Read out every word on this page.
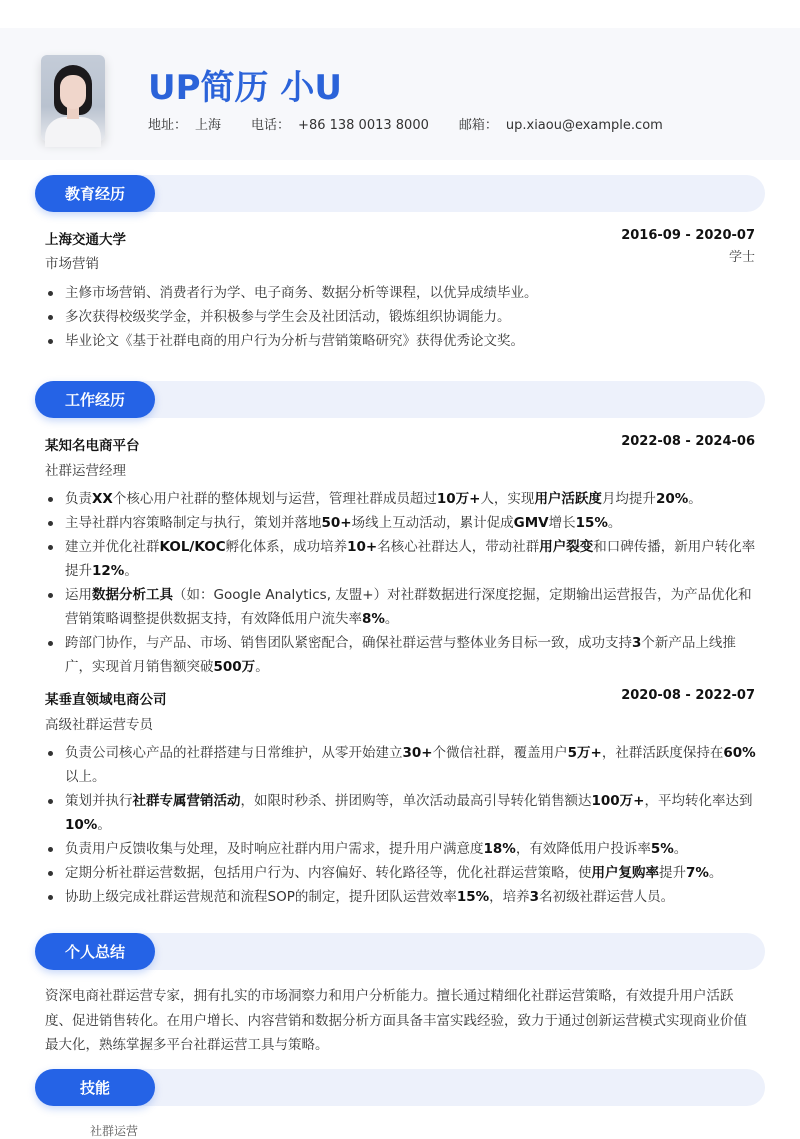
UP简历 小U
地址： 上海 电话： +86 138 0013 8000 邮箱： up.xiaou@example.com
教育经历
上海交通大学	2016-09 - 2020-07
市场营销	学士
主修市场营销、消费者行为学、电子商务、数据分析等课程，以优异成绩毕业。
多次获得校级奖学金，并积极参与学生会及社团活动，锻炼组织协调能力。
毕业论文《基于社群电商的用户行为分析与营销策略研究》获得优秀论文奖。
工作经历
某知名电商平台	2022-08 - 2024-06
社群运营经理
负责XX个核心用户社群的整体规划与运营，管理社群成员超过10万+人，实现用户活跃度月均提升20%。
主导社群内容策略制定与执行，策划并落地50+场线上互动活动，累计促成GMV增长15%。
建立并优化社群KOL/KOC孵化体系，成功培养10+名核心社群达人，带动社群用户裂变和口碑传播，新用户转化率提升12%。
运用数据分析工具（如：Google Analytics, 友盟+）对社群数据进行深度挖掘，定期输出运营报告，为产品优化和营销策略调整提供数据支持，有效降低用户流失率8%。
跨部门协作，与产品、市场、销售团队紧密配合，确保社群运营与整体业务目标一致，成功支持3个新产品上线推广，实现首月销售额突破500万。
某垂直领域电商公司	2020-08 - 2022-07
高级社群运营专员
负责公司核心产品的社群搭建与日常维护，从零开始建立30+个微信社群，覆盖用户5万+，社群活跃度保持在60%以上。
策划并执行社群专属营销活动，如限时秒杀、拼团购等，单次活动最高引导转化销售额达100万+，平均转化率达到10%。
负责用户反馈收集与处理，及时响应社群内用户需求，提升用户满意度18%，有效降低用户投诉率5%。
定期分析社群运营数据，包括用户行为、内容偏好、转化路径等，优化社群运营策略，使用户复购率提升7%。
协助上级完成社群运营规范和流程SOP的制定，提升团队运营效率15%，培养3名初级社群运营人员。
个人总结
资深电商社群运营专家，拥有扎实的市场洞察力和用户分析能力。擅长通过精细化社群运营策略，有效提升用户活跃度、促进销售转化。在用户增长、内容营销和数据分析方面具备丰富实践经验，致力于通过创新运营模式实现商业价值最大化，熟练掌握多平台社群运营工具与策略。
技能
社群运营
